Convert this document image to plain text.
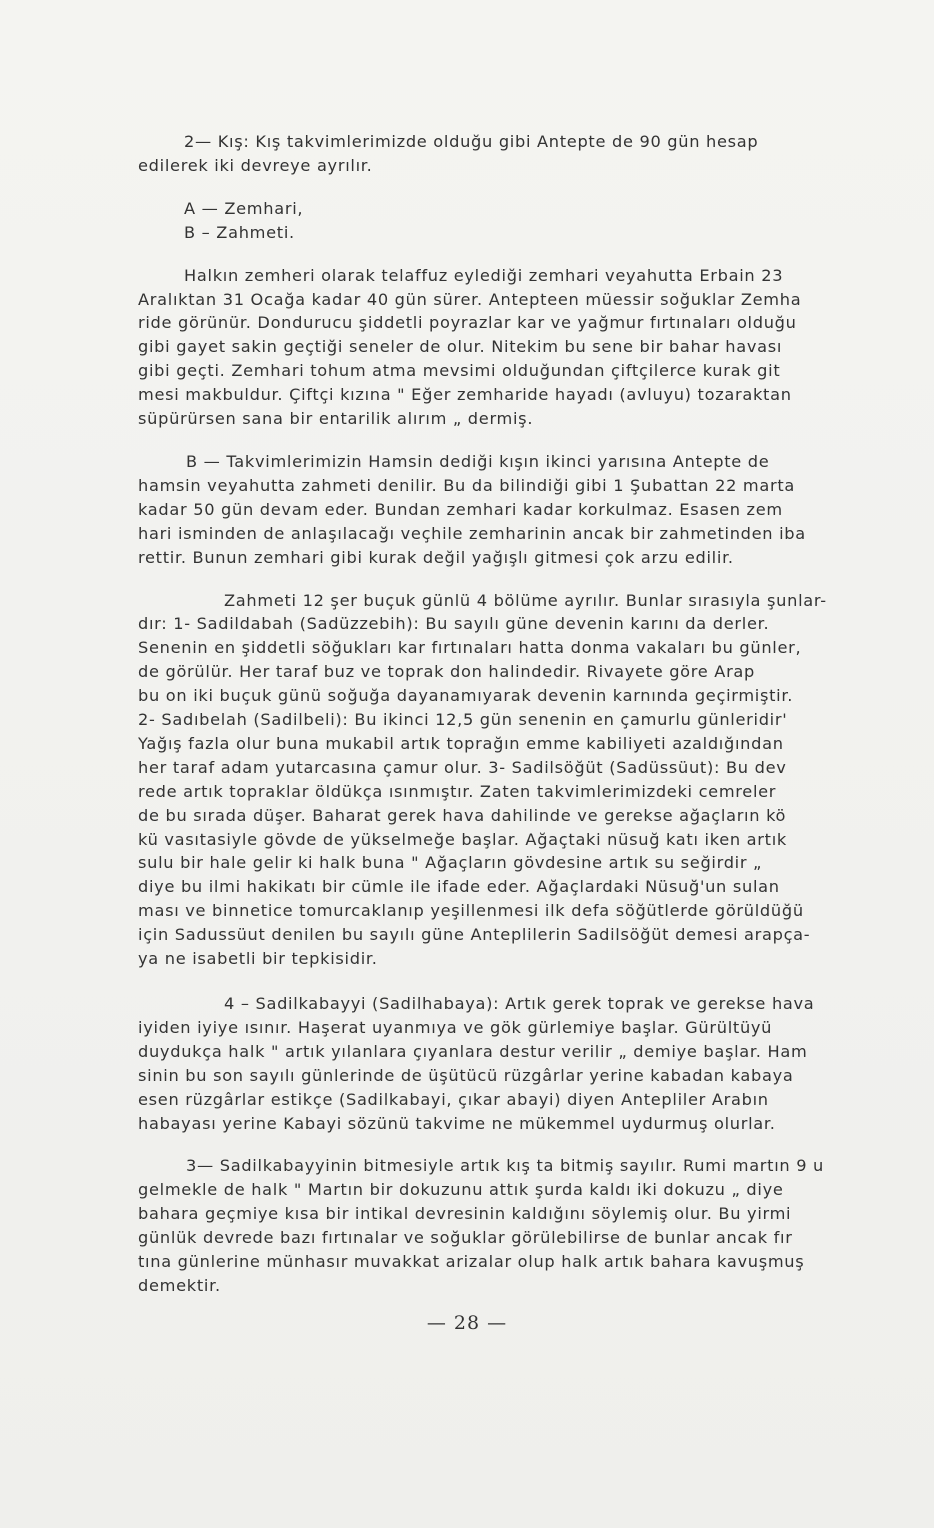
2— Kış: Kış takvimlerimizde olduğu gibi Antepte de 90 gün hesap
edilerek iki devreye ayrılır.
A — Zemhari,
B – Zahmeti.
Halkın zemheri olarak telaffuz eylediği zemhari veyahutta Erbain 23
Aralıktan 31 Ocağa kadar 40 gün sürer. Antepteen müessir soğuklar Zemha
ride görünür. Dondurucu şiddetli poyrazlar kar ve yağmur fırtınaları olduğu
gibi gayet sakin geçtiği seneler de olur. Nitekim bu sene bir bahar havası
gibi geçti. Zemhari tohum atma mevsimi olduğundan çiftçilerce kurak git
mesi makbuldur. Çiftçi kızına " Eğer zemharide hayadı (avluyu) tozaraktan
süpürürsen sana bir entarilik alırım „ dermiş.
B — Takvimlerimizin Hamsin dediği kışın ikinci yarısına Antepte de
hamsin veyahutta zahmeti denilir. Bu da bilindiği gibi 1 Şubattan 22 marta
kadar 50 gün devam eder. Bundan zemhari kadar korkulmaz. Esasen zem
hari isminden de anlaşılacağı veçhile zemharinin ancak bir zahmetinden iba
rettir. Bunun zemhari gibi kurak değil yağışlı gitmesi çok arzu edilir.
Zahmeti 12 şer buçuk günlü 4 bölüme ayrılır. Bunlar sırasıyla şunlar-
dır: 1- Sadildabah (Sadüzzebih): Bu sayılı güne devenin karını da derler.
Senenin en şiddetli söğukları kar fırtınaları hatta donma vakaları bu günler,
de görülür. Her taraf buz ve toprak don halindedir. Rivayete göre Arap
bu on iki buçuk günü soğuğa dayanamıyarak devenin karnında geçirmiştir.
2- Sadıbelah (Sadilbeli): Bu ikinci 12,5 gün senenin en çamurlu günleridir'
Yağış fazla olur buna mukabil artık toprağın emme kabiliyeti azaldığından
her taraf adam yutarcasına çamur olur. 3- Sadilsöğüt (Sadüssüut): Bu dev
rede artık topraklar öldükça ısınmıştır. Zaten takvimlerimizdeki cemreler
de bu sırada düşer. Baharat gerek hava dahilinde ve gerekse ağaçların kö
kü vasıtasiyle gövde de yükselmeğe başlar. Ağaçtaki nüsuğ katı iken artık
sulu bir hale gelir ki halk buna " Ağaçların gövdesine artık su seğirdir „
diye bu ilmi hakikatı bir cümle ile ifade eder. Ağaçlardaki Nüsuğ'un sulan
ması ve binnetice tomurcaklanıp yeşillenmesi ilk defa söğütlerde görüldüğü
için Sadussüut denilen bu sayılı güne Anteplilerin Sadilsöğüt demesi arapça-
ya ne isabetli bir tepkisidir.
4 – Sadilkabayyi (Sadilhabaya): Artık gerek toprak ve gerekse hava
iyiden iyiye ısınır. Haşerat uyanmıya ve gök gürlemiye başlar. Gürültüyü
duydukça halk " artık yılanlara çıyanlara destur verilir „ demiye başlar. Ham
sinin bu son sayılı günlerinde de üşütücü rüzgârlar yerine kabadan kabaya
esen rüzgârlar estikçe (Sadilkabayi, çıkar abayi) diyen Antepliler Arabın
habayası yerine Kabayi sözünü takvime ne mükemmel uydurmuş olurlar.
3— Sadilkabayyinin bitmesiyle artık kış ta bitmiş sayılır. Rumi martın 9 u
gelmekle de halk " Martın bir dokuzunu attık şurda kaldı iki dokuzu „ diye
bahara geçmiye kısa bir intikal devresinin kaldığını söylemiş olur. Bu yirmi
günlük devrede bazı fırtınalar ve soğuklar görülebilirse de bunlar ancak fır
tına günlerine münhasır muvakkat arizalar olup halk artık bahara kavuşmuş
demektir.
— 28 —
